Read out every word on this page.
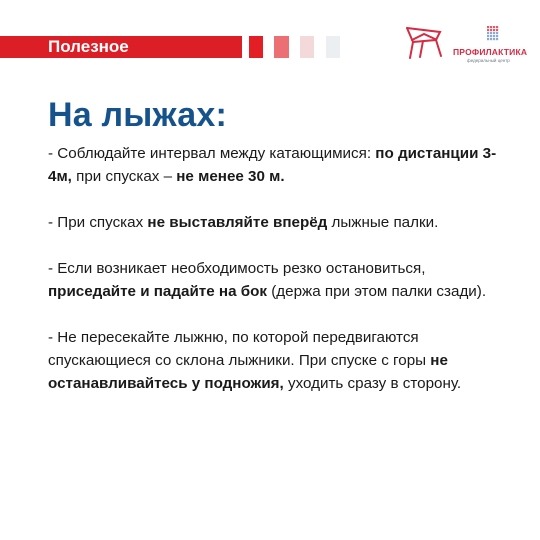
Полезное	ПРОФИЛАКТИКА
федеральный центр
На лыжах:

- Соблюдайте интервал между катающимися: по дистанции 3-4м, при спусках – не менее 30 м.

- При спусках не выставляйте вперёд лыжные палки.

- Если возникает необходимость резко остановиться, приседайте и падайте на бок (держа при этом палки сзади).

- Не пересекайте лыжню, по которой передвигаются спускающиеся со склона лыжники. При спуске с горы не останавливайтесь у подножия, уходить сразу в сторону.
